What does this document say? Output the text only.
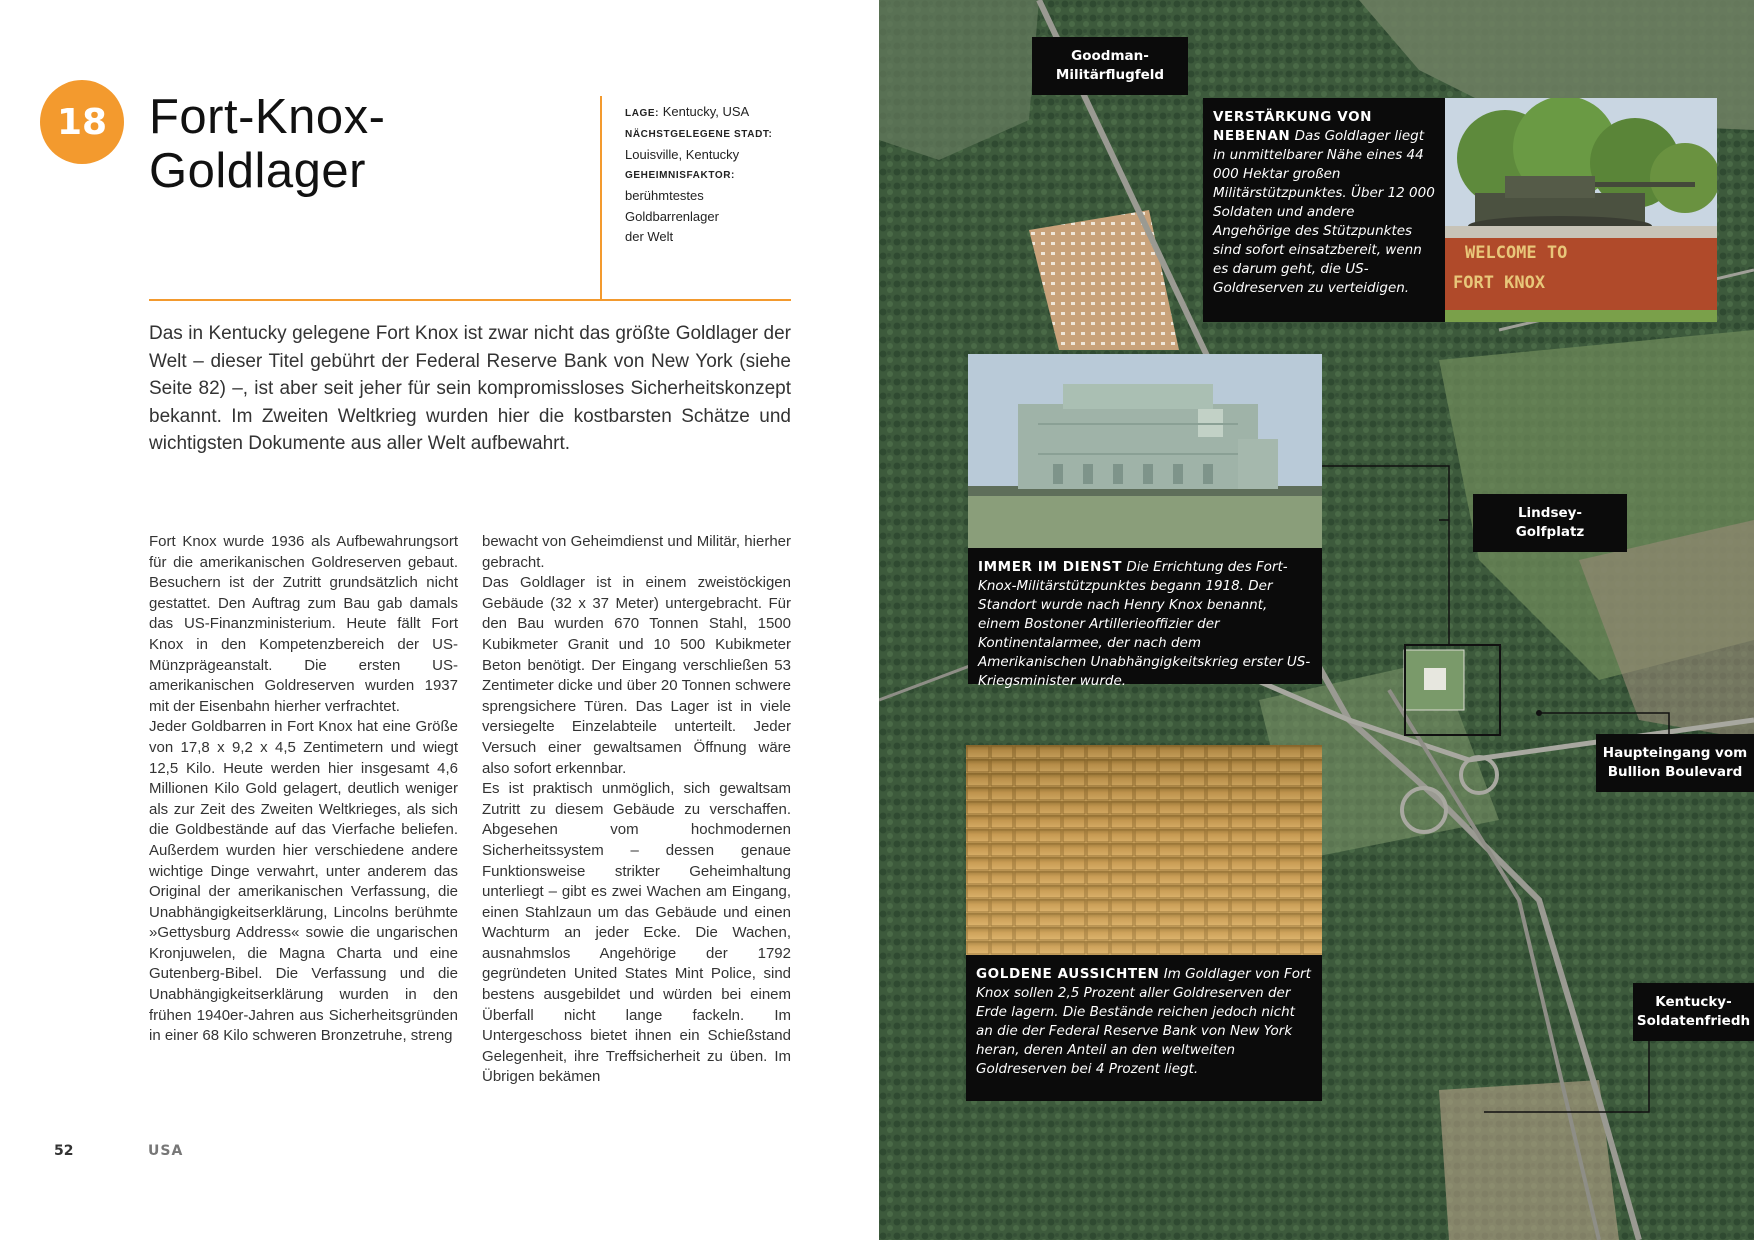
18 Fort-Knox-
Goldlager
LAGE: Kentucky, USA
NÄCHSTGELEGENE STADT:
Louisville, Kentucky
GEHEIMNISFAKTOR:
berühmtestes
Goldbarrenlager
der Welt

Das in Kentucky gelegene Fort Knox ist zwar nicht das größte Goldlager der Welt – dieser Titel gebührt der Federal Reserve Bank von New York (siehe Seite 82) –, ist aber seit jeher für sein kompromissloses Sicherheitskonzept bekannt. Im Zweiten Weltkrieg wurden hier die kostbarsten Schätze und wichtigsten Dokumente aus aller Welt aufbewahrt.

Fort Knox wurde 1936 als Aufbewahrungsort für die amerikanischen Goldreserven gebaut. Besuchern ist der Zutritt grundsätzlich nicht gestattet. Den Auftrag zum Bau gab damals das US-Finanzministerium. Heute fällt Fort Knox in den Kompetenzbereich der US-Münzprägeanstalt. Die ersten US-amerikanischen Goldreserven wurden 1937 mit der Eisenbahn hierher verfrachtet.

Jeder Goldbarren in Fort Knox hat eine Größe von 17,8 x 9,2 x 4,5 Zentimetern und wiegt 12,5 Kilo. Heute werden hier insgesamt 4,6 Millionen Kilo Gold gelagert, deutlich weniger als zur Zeit des Zweiten Weltkrieges, als sich die Goldbestände auf das Vierfache beliefen. Außerdem wurden hier verschiedene andere wichtige Dinge verwahrt, unter anderem das Original der amerikanischen Verfassung, die Unabhängigkeitserklärung, Lincolns berühmte »Gettysburg Address« sowie die ungarischen Kronjuwelen, die Magna Charta und eine Gutenberg-Bibel. Die Verfassung und die Unabhängigkeitserklärung wurden in den frühen 1940er-Jahren aus Sicherheitsgründen in einer 68 Kilo schweren Bronzetruhe, streng

bewacht von Geheimdienst und Militär, hierher gebracht.

Das Goldlager ist in einem zweistöckigen Gebäude (32 x 37 Meter) untergebracht. Für den Bau wurden 670 Tonnen Stahl, 1500 Kubikmeter Granit und 10 500 Kubikmeter Beton benötigt. Der Eingang verschließen 53 Zentimeter dicke und über 20 Tonnen schwere sprengsichere Türen. Das Lager ist in viele versiegelte Einzelabteile unterteilt. Jeder Versuch einer gewaltsamen Öffnung wäre also sofort erkennbar.

Es ist praktisch unmöglich, sich gewaltsam Zutritt zu diesem Gebäude zu verschaffen. Abgesehen vom hochmodernen Sicherheitssystem – dessen genaue Funktionsweise strikter Geheimhaltung unterliegt – gibt es zwei Wachen am Eingang, einen Stahlzaun um das Gebäude und einen Wachturm an jeder Ecke. Die Wachen, ausnahmslos Angehörige der 1792 gegründeten United States Mint Police, sind bestens ausgebildet und würden bei einem Überfall nicht lange fackeln. Im Untergeschoss bietet ihnen ein Schießstand Gelegenheit, ihre Treffsicherheit zu üben. Im Übrigen bekämen

52	USA
Goodman-
Militärflugfeld
Lindsey-
Golfplatz
Haupteingang vom
Bullion Boulevard
Kentucky-
Soldatenfriedh
VERSTÄRKUNG VON NEBENAN Das Goldlager liegt in unmittelbarer Nähe eines 44 000 Hektar großen Militärstützpunktes. Über 12 000 Soldaten und andere Angehörige des Stützpunktes sind sofort einsatzbereit, wenn es darum geht, die US-Goldreserven zu verteidigen.
WELCOME TO
FORT KNOX
IMMER IM DIENST Die Errichtung des Fort-Knox-Militärstützpunktes begann 1918. Der Standort wurde nach Henry Knox benannt, einem Bostoner Artillerieoffizier der Kontinentalarmee, der nach dem Amerikanischen Unabhängigkeitskrieg erster US-Kriegsminister wurde.
GOLDENE AUSSICHTEN Im Goldlager von Fort Knox sollen 2,5 Prozent aller Goldreserven der Erde lagern. Die Bestände reichen jedoch nicht an die der Federal Reserve Bank von New York heran, deren Anteil an den weltweiten Goldreserven bei 4 Prozent liegt.
